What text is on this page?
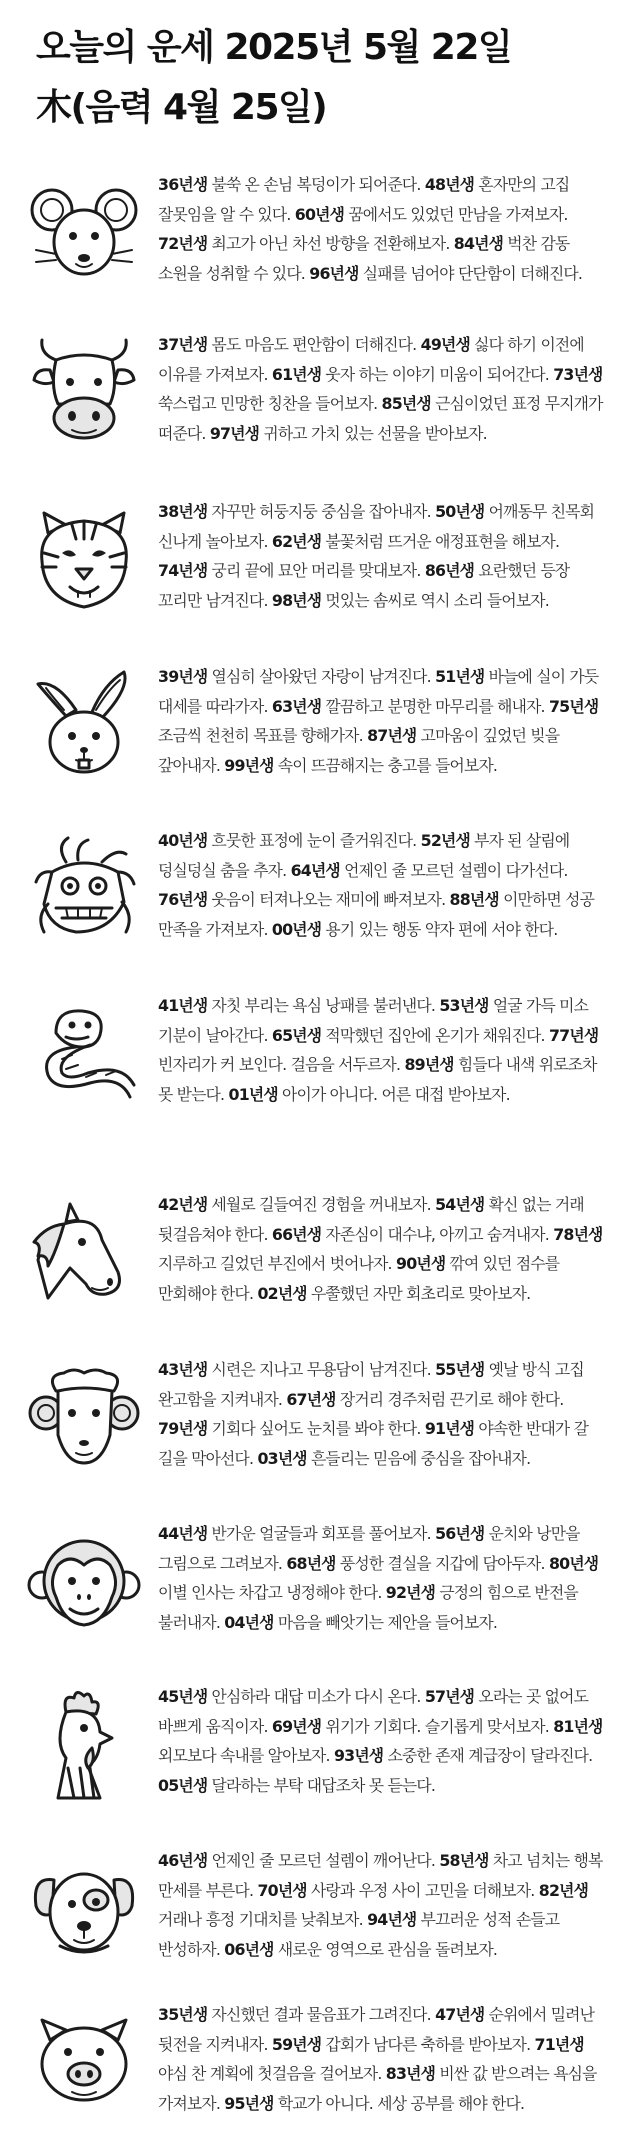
오늘의 운세 2025년 5월 22일
木(음력 4월 25일)
36년생 불쑥 온 손님 복덩이가 되어준다. 48년생 혼자만의 고집 잘못임을 알 수 있다. 60년생 꿈에서도 있었던 만남을 가져보자. 72년생 최고가 아닌 차선 방향을 전환해보자. 84년생 벅찬 감동 소원을 성취할 수 있다. 96년생 실패를 넘어야 단단함이 더해진다.
37년생 몸도 마음도 편안함이 더해진다. 49년생 싫다 하기 이전에 이유를 가져보자. 61년생 웃자 하는 이야기 미움이 되어간다. 73년생 쑥스럽고 민망한 칭찬을 들어보자. 85년생 근심이었던 표정 무지개가 떠준다. 97년생 귀하고 가치 있는 선물을 받아보자.
38년생 자꾸만 허둥지둥 중심을 잡아내자. 50년생 어깨동무 친목회 신나게 놀아보자. 62년생 불꽃처럼 뜨거운 애정표현을 해보자. 74년생 궁리 끝에 묘안 머리를 맞대보자. 86년생 요란했던 등장 꼬리만 남겨진다. 98년생 멋있는 솜씨로 역시 소리 들어보자.
39년생 열심히 살아왔던 자랑이 남겨진다. 51년생 바늘에 실이 가듯 대세를 따라가자. 63년생 깔끔하고 분명한 마무리를 해내자. 75년생 조금씩 천천히 목표를 향해가자. 87년생 고마움이 깊었던 빚을 갚아내자. 99년생 속이 뜨끔해지는 충고를 들어보자.
40년생 흐뭇한 표정에 눈이 즐거워진다. 52년생 부자 된 살림에 덩실덩실 춤을 추자. 64년생 언제인 줄 모르던 설렘이 다가선다. 76년생 웃음이 터져나오는 재미에 빠져보자. 88년생 이만하면 성공 만족을 가져보자. 00년생 용기 있는 행동 약자 편에 서야 한다.
41년생 자칫 부리는 욕심 낭패를 불러낸다. 53년생 얼굴 가득 미소 기분이 날아간다. 65년생 적막했던 집안에 온기가 채워진다. 77년생 빈자리가 커 보인다. 걸음을 서두르자. 89년생 힘들다 내색 위로조차 못 받는다. 01년생 아이가 아니다. 어른 대접 받아보자.
42년생 세월로 길들여진 경험을 꺼내보자. 54년생 확신 없는 거래 뒷걸음쳐야 한다. 66년생 자존심이 대수냐, 아끼고 숨겨내자. 78년생 지루하고 길었던 부진에서 벗어나자. 90년생 깎여 있던 점수를 만회해야 한다. 02년생 우쭐했던 자만 회초리로 맞아보자.
43년생 시련은 지나고 무용담이 남겨진다. 55년생 옛날 방식 고집 완고함을 지켜내자. 67년생 장거리 경주처럼 끈기로 해야 한다. 79년생 기회다 싶어도 눈치를 봐야 한다. 91년생 야속한 반대가 갈 길을 막아선다. 03년생 흔들리는 믿음에 중심을 잡아내자.
44년생 반가운 얼굴들과 회포를 풀어보자. 56년생 운치와 낭만을 그림으로 그려보자. 68년생 풍성한 결실을 지갑에 담아두자. 80년생 이별 인사는 차갑고 냉정해야 한다. 92년생 긍정의 힘으로 반전을 불러내자. 04년생 마음을 빼앗기는 제안을 들어보자.
45년생 안심하라 대답 미소가 다시 온다. 57년생 오라는 곳 없어도 바쁘게 움직이자. 69년생 위기가 기회다. 슬기롭게 맞서보자. 81년생 외모보다 속내를 알아보자. 93년생 소중한 존재 계급장이 달라진다. 05년생 달라하는 부탁 대답조차 못 듣는다.
46년생 언제인 줄 모르던 설렘이 깨어난다. 58년생 차고 넘치는 행복 만세를 부른다. 70년생 사랑과 우정 사이 고민을 더해보자. 82년생 거래나 흥정 기대치를 낮춰보자. 94년생 부끄러운 성적 손들고 반성하자. 06년생 새로운 영역으로 관심을 돌려보자.
35년생 자신했던 결과 물음표가 그려진다. 47년생 순위에서 밀려난 뒷전을 지켜내자. 59년생 갑회가 남다른 축하를 받아보자. 71년생 야심 찬 계획에 첫걸음을 걸어보자. 83년생 비싼 값 받으려는 욕심을 가져보자. 95년생 학교가 아니다. 세상 공부를 해야 한다.
